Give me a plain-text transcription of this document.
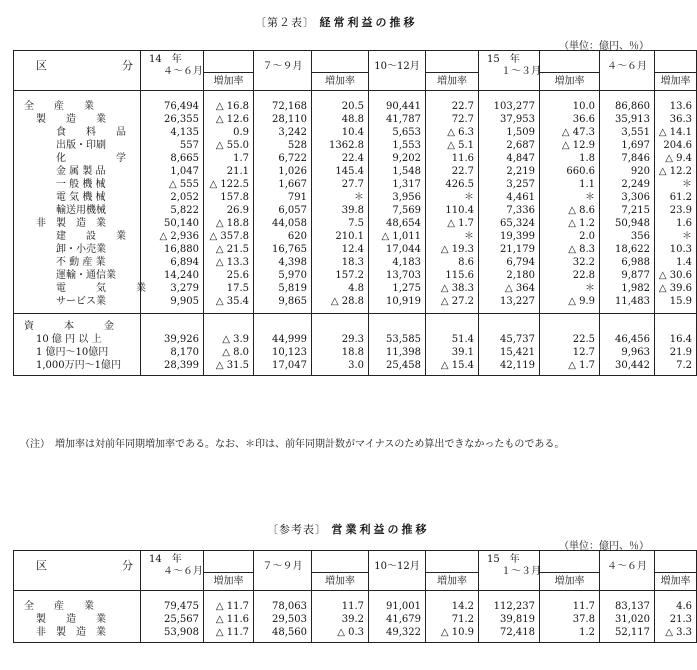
〔第２表〕 経常利益の推移
（単位：億円、％）
区 分	14　年
４～６月	増加率	７～９月	増加率	10～12月	増加率	15　年
１～３月	増加率	４～６月	増加率

全　　産　　業	76,494	△ 16.8	72,168	20.5	90,441	22.7	103,277	10.0	86,860	13.6

製　　造　　業	26,355	△ 12.6	28,110	48.8	41,787	72.7	37,953	36.6	35,913	36.3

食　　料　　品	4,135	0.9	3,242	10.4	5,653	△ 6.3	1,509	△ 47.3	3,551	△ 14.1

出版・印刷	557	△ 55.0	528	1362.8	1,553	△ 5.1	2,687	△ 12.9	1,697	204.6

化　　　　　学	8,665	1.7	6,722	22.4	9,202	11.6	4,847	1.8	7,846	△ 9.4

金 属 製 品	1,047	21.1	1,026	145.4	1,548	22.7	2,219	660.6	920	△ 12.2

一 般 機 械	△ 555	△ 122.5	1,667	27.7	1,317	426.5	3,257	1.1	2,249	＊

電 気 機 械	2,052	157.8	791	＊	3,956	＊	4,461	＊	3,306	61.2

輸送用機械	5,822	26.9	6,057	39.8	7,569	110.4	7,336	△ 8.6	7,215	23.9

非　製　造　業	50,140	△ 18.8	44,058	7.5	48,654	△ 1.7	65,324	△ 1.2	50,948	1.6

建　　設　　業	△ 2,936	△ 357.8	620	210.1	△ 1,011	＊	19,399	2.0	356	＊

卸・小売業	16,880	△ 21.5	16,765	12.4	17,044	△ 19.3	21,179	△ 8.3	18,622	10.3

不 動 産 業	6,894	△ 13.3	4,398	18.3	4,183	8.6	6,794	32.2	6,988	1.4

運輸・通信業	14,240	25.6	5,970	157.2	13,703	115.6	2,180	22.8	9,877	△ 30.6

電　　　気　　　業	3,279	17.5	5,819	4.8	1,275	△ 38.3	△ 364	＊	1,982	△ 39.6

サービス業	9,905	△ 35.4	9,865	△ 28.8	10,919	△ 27.2	13,227	△ 9.9	11,483	15.9

資　　　本　　　金										

10 億 円 以 上	39,926	△ 3.9	44,999	29.3	53,585	51.4	45,737	22.5	46,456	16.4

1 億円～10億円	8,170	△ 8.0	10,123	18.8	11,398	39.1	15,421	12.7	9,963	21.9

1,000万円～1億円	28,399	△ 31.5	17,047	3.0	25,458	△ 15.4	42,119	△ 1.7	30,442	7.2

（注）　増加率は対前年同期増加率である。なお、＊印は、前年同期計数がマイナスのため算出できなかったものである。
〔参考表〕 営業利益の推移
（単位：億円、％）
区 分	14　年
４～６月	増加率	７～９月	増加率	10～12月	増加率	15　年
１～３月	増加率	４～６月	増加率

全　　産　　業	79,475	△ 11.7	78,063	11.7	91,001	14.2	112,237	11.7	83,137	4.6

製　　造　　業	25,567	△ 11.6	29,503	39.2	41,679	71.2	39,819	37.8	31,020	21.3

非　製　造　業	53,908	△ 11.7	48,560	△ 0.3	49,322	△ 10.9	72,418	1.2	52,117	△ 3.3
